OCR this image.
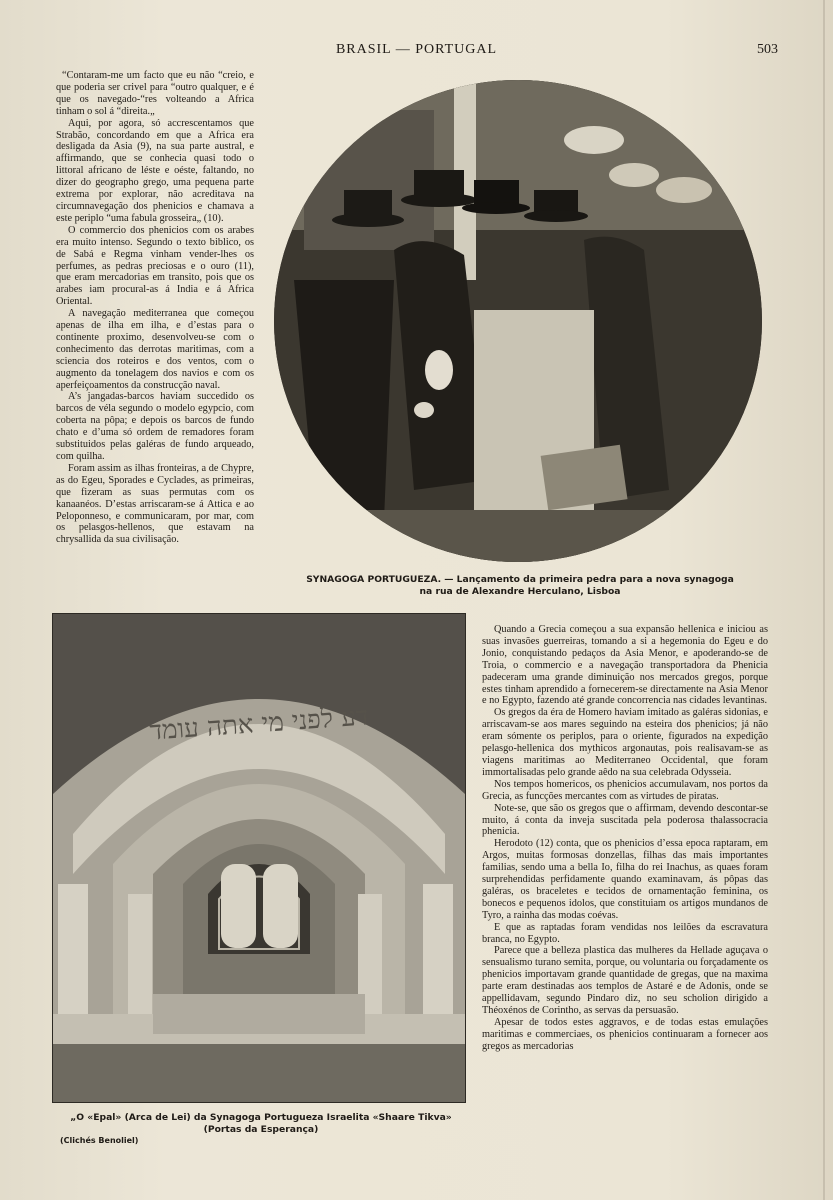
BRASIL — PORTUGAL	503

“Contaram-me um facto que eu não “creio, e que poderia ser crivel para “outro qualquer, e é que os navegado-“res volteando a Africa tinham o sol á “direita.„

Aqui, por agora, só accrescentamos que Strabão, concordando em que a Africa era desligada da Asia (9), na sua parte austral, e affirmando, que se conhecia quasi todo o littoral africano de léste e oéste, faltando, no dizer do geographo grego, uma pequena parte extrema por explorar, não acreditava na circumnavegação dos phenicios e chamava a este periplo “uma fabula grosseira„ (10).

O commercio dos phenicios com os arabes era muito intenso. Segundo o texto biblico, os de Sabá e Regma vinham vender-lhes os perfumes, as pedras preciosas e o ouro (11), que eram mercadorias em transito, pois que os arabes iam procural-as á India e á Africa Oriental.

A navegação mediterranea que começou apenas de ilha em ilha, e d’estas para o continente proximo, desenvolveu-se com o conhecimento das derrotas maritimas, com a sciencia dos roteiros e dos ventos, com o augmento da tonelagem dos navios e com os aperfeiçoamentos da construcção naval.

A’s jangadas-barcos haviam succedido os barcos de véla segundo o modelo egypcio, com coberta na pôpa; e depois os barcos de fundo chato e d’uma só ordem de remadores foram substituidos pelas galéras de fundo arqueado, com quilha.

Foram assim as ilhas fronteiras, a de Chypre, as do Egeu, Sporades e Cyclades, as primeiras, que fizeram as suas permutas com os kanaanéos. D’estas arriscaram-se á Attica e ao Peloponneso, e communicaram, por mar, com os pelasgos-hellenos, que estavam na chrysallida da sua civilisação.

SYNAGOGA PORTUGUEZA. — Lançamento da primeira pedra para a nova synagoga
na rua de Alexandre Herculano, Lisboa
דע לפני מי אתה עומד
„O «Epal» (Arca de Lei) da Synagoga Portugueza Israelita «Shaare Tikva»
(Portas da Esperança)
(Clichés Benoliel)

Quando a Grecia começou a sua expansão hellenica e iniciou as suas invasões guerreiras, tomando a si a hegemonia do Egeu e do Jonio, conquistando pedaços da Asia Menor, e apoderando-se de Troia, o commercio e a navegação transportadora da Phenicia padeceram uma grande diminuição nos mercados gregos, porque estes tinham aprendido a fornecerem-se directamente na Asia Menor e no Egypto, fazendo até grande concorrencia nas cidades levantinas.

Os gregos da éra de Homero haviam imitado as galéras sidonias, e arriscavam-se aos mares seguindo na esteira dos phenicios; já não eram sómente os periplos, para o oriente, figurados na expedição pelasgo-hellenica dos mythicos argonautas, pois realisavam-se as viagens maritimas ao Mediterraneo Occidental, que foram immortalisadas pelo grande aêdo na sua celebrada Odysseia.

Nos tempos homericos, os phenicios accumulavam, nos portos da Grecia, as funcções mercantes com as virtudes de piratas.

Note-se, que são os gregos que o affirmam, devendo descontar-se muito, á conta da inveja suscitada pela poderosa thalassocracia phenicia.

Herodoto (12) conta, que os phenicios d’essa epoca raptaram, em Argos, muitas formosas donzellas, filhas das mais importantes familias, sendo uma a bella Io, filha do rei Inachus, as quaes foram surprehendidas perfidamente quando examinavam, ás pôpas das galéras, os braceletes e tecidos de ornamentação feminina, os bonecos e pequenos idolos, que constituiam os artigos mundanos de Tyro, a rainha das modas coévas.

E que as raptadas foram vendidas nos leilões da escravatura branca, no Egypto.

Parece que a belleza plastica das mulheres da Hellade aguçava o sensualismo turano semita, porque, ou voluntaria ou forçadamente os phenicios importavam grande quantidade de gregas, que na maxima parte eram destinadas aos templos de Astaré e de Adonis, onde se appellidavam, segundo Pindaro diz, no seu scholion dirigido a Théoxénos de Corintho, as servas da persuasão.

Apesar de todos estes aggravos, e de todas estas emulações maritimas e commerciaes, os phenicios continuaram a fornecer aos gregos as mercadorias
